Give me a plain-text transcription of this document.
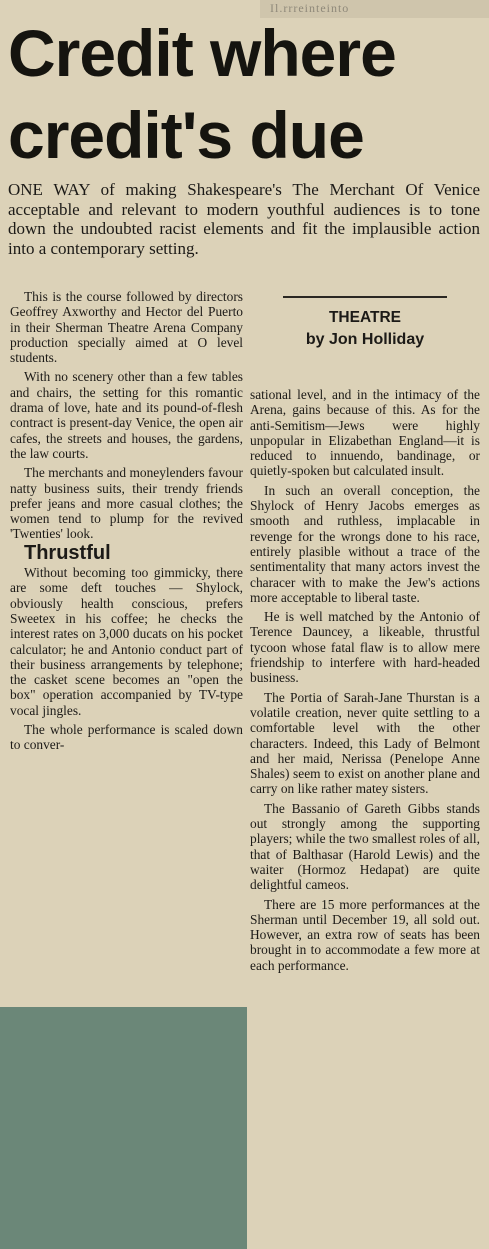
Il.rrreinteinto
Credit where credit's due

ONE WAY of making Shakespeare's The Merchant Of Venice acceptable and relevant to modern youthful audiences is to tone down the undoubted racist elements and fit the implausible action into a contemporary setting.

This is the course followed by directors Geoffrey Axworthy and Hector del Puerto in their Sherman Theatre Arena Company production specially aimed at O level students.

With no scenery other than a few tables and chairs, the setting for this romantic drama of love, hate and its pound-of-flesh contract is present-day Venice, the open air cafes, the streets and houses, the gardens, the law courts.

The merchants and moneylenders favour natty business suits, their trendy friends prefer jeans and more casual clothes; the women tend to plump for the revived 'Twenties' look.

Thrustful

Without becoming too gimmicky, there are some deft touches — Shylock, obviously health conscious, prefers Sweetex in his coffee; he checks the interest rates on 3,000 ducats on his pocket calculator; he and Antonio conduct part of their business arrangements by telephone; the casket scene becomes an "open the box" operation accompanied by TV-type vocal jingles.

The whole performance is scaled down to conver-

THEATRE
by Jon Holliday

sational level, and in the intimacy of the Arena, gains because of this. As for the anti-Semitism—Jews were highly unpopular in Elizabethan England—it is reduced to innuendo, bandinage, or quietly-spoken but calculated insult.

In such an overall conception, the Shylock of Henry Jacobs emerges as smooth and ruthless, implacable in revenge for the wrongs done to his race, entirely plasible without a trace of the sentimentality that many actors invest the characer with to make the Jew's actions more acceptable to liberal taste.

He is well matched by the Antonio of Terence Dauncey, a likeable, thrustful tycoon whose fatal flaw is to allow mere friendship to interfere with hard-headed business.

The Portia of Sarah-Jane Thurstan is a volatile creation, never quite settling to a comfortable level with the other characters. Indeed, this Lady of Belmont and her maid, Nerissa (Penelope Anne Shales) seem to exist on another plane and carry on like rather matey sisters.

The Bassanio of Gareth Gibbs stands out strongly among the supporting players; while the two smallest roles of all, that of Balthasar (Harold Lewis) and the waiter (Hormoz Hedapat) are quite delightful cameos.

There are 15 more performances at the Sherman until December 19, all sold out. However, an extra row of seats has been brought in to accommodate a few more at each performance.
